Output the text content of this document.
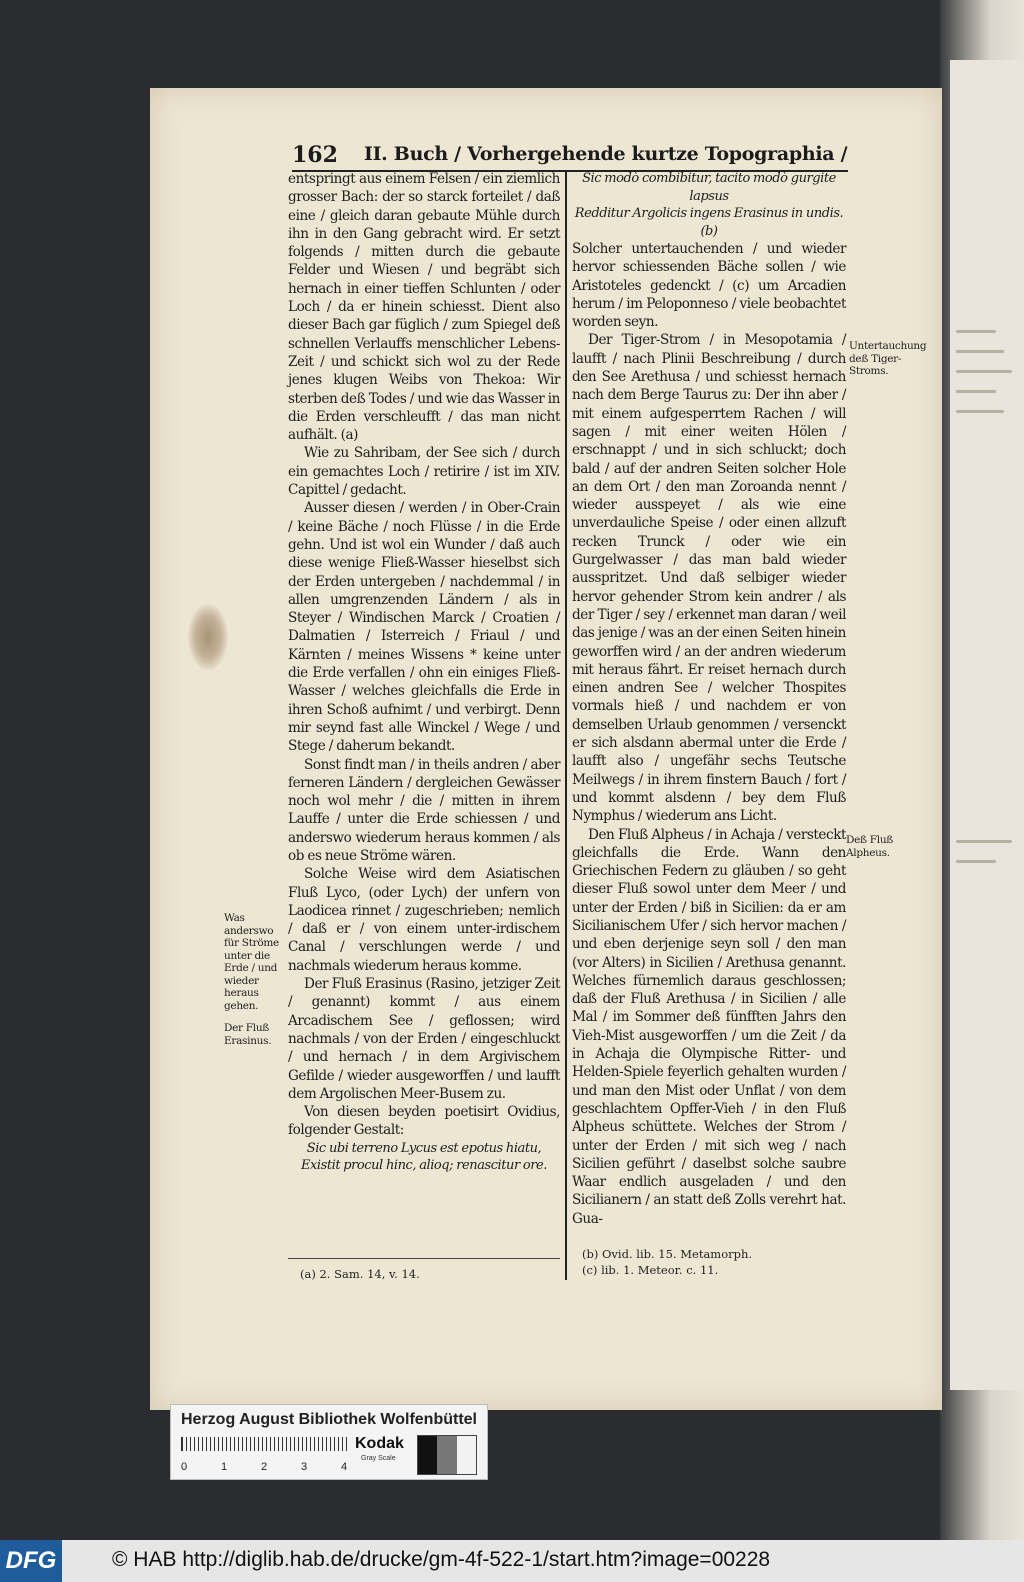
162 II. Buch / Vorhergehende kurtze Topographia /

entspringt aus einem Felsen / ein ziemlich grosser Bach: der so starck forteilet / daß eine / gleich daran gebaute Mühle durch ihn in den Gang gebracht wird. Er setzt folgends / mitten durch die gebaute Felder und Wiesen / und begräbt sich hernach in einer tieffen Schlunten / oder Loch / da er hinein schiesst. Dient also dieser Bach gar füglich / zum Spiegel deß schnellen Verlauffs menschlicher Lebens-Zeit / und schickt sich wol zu der Rede jenes klugen Weibs von Thekoa: Wir sterben deß Todes / und wie das Wasser in die Erden verschleufft / das man nicht aufhält. (a)

Wie zu Sahribam, der See sich / durch ein gemachtes Loch / retirire / ist im XIV. Capittel / gedacht.

Ausser diesen / werden / in Ober-Crain / keine Bäche / noch Flüsse / in die Erde gehn. Und ist wol ein Wunder / daß auch diese wenige Fließ-Wasser hieselbst sich der Erden untergeben / nachdemmal / in allen umgrenzenden Ländern / als in Steyer / Windischen Marck / Croatien / Dalmatien / Isterreich / Friaul / und Kärnten / meines Wissens * keine unter die Erde verfallen / ohn ein einiges Fließ-Wasser / welches gleichfalls die Erde in ihren Schoß aufnimt / und verbirgt. Denn mir seynd fast alle Winckel / Wege / und Stege / daherum bekandt.

Sonst findt man / in theils andren / aber ferneren Ländern / dergleichen Gewässer noch wol mehr / die / mitten in ihrem Lauffe / unter die Erde schiessen / und anderswo wiederum heraus kommen / als ob es neue Ströme wären.

Solche Weise wird dem Asiatischen Fluß Lyco, (oder Lych) der unfern von Laodicea rinnet / zugeschrieben; nemlich / daß er / von einem unter-irdischem Canal / verschlungen werde / und nachmals wiederum heraus komme.

Der Fluß Erasinus (Rasino, jetziger Zeit / genannt) kommt / aus einem Arcadischem See / geflossen; wird nachmals / von der Erden / eingeschluckt / und hernach / in dem Argivischem Gefilde / wieder ausgeworffen / und laufft dem Argolischen Meer-Busem zu.

Von diesen beyden poetisirt Ovidius, folgender Gestalt:

Sic ubi terreno Lycus est epotus hiatu,

Existit procul hinc, alioq; renascitur ore.

Sic modò combibitur, tacito modò gurgite lapsus

Redditur Argolicis ingens Erasinus in undis. (b)

Solcher untertauchenden / und wieder hervor schiessenden Bäche sollen / wie Aristoteles gedenckt / (c) um Arcadien herum / im Peloponneso / viele beobachtet worden seyn.

Der Tiger-Strom / in Mesopotamia / laufft / nach Plinii Beschreibung / durch den See Arethusa / und schiesst hernach nach dem Berge Taurus zu: Der ihn aber / mit einem aufgesperrtem Rachen / will sagen / mit einer weiten Hölen / erschnappt / und in sich schluckt; doch bald / auf der andren Seiten solcher Hole an dem Ort / den man Zoroanda nennt / wieder ausspeyet / als wie eine unverdauliche Speise / oder einen allzuft recken Trunck / oder wie ein Gurgelwasser / das man bald wieder ausspritzet. Und daß selbiger wieder hervor gehender Strom kein andrer / als der Tiger / sey / erkennet man daran / weil das jenige / was an der einen Seiten hinein geworffen wird / an der andren wiederum mit heraus fährt. Er reiset hernach durch einen andren See / welcher Thospites vormals hieß / und nachdem er von demselben Urlaub genommen / versenckt er sich alsdann abermal unter die Erde / laufft also / ungefähr sechs Teutsche Meilwegs / in ihrem finstern Bauch / fort / und kommt alsdenn / bey dem Fluß Nymphus / wiederum ans Licht.

Den Fluß Alpheus / in Achaja / versteckt gleichfalls die Erde. Wann den Griechischen Federn zu gläuben / so geht dieser Fluß sowol unter dem Meer / und unter der Erden / biß in Sicilien: da er am Sicilianischem Ufer / sich hervor machen / und eben derjenige seyn soll / den man (vor Alters) in Sicilien / Arethusa genannt. Welches fürnemlich daraus geschlossen; daß der Fluß Arethusa / in Sicilien / alle Mal / im Sommer deß fünfften Jahrs den Vieh-Mist ausgeworffen / um die Zeit / da in Achaja die Olympische Ritter- und Helden-Spiele feyerlich gehalten wurden / und man den Mist oder Unflat / von dem geschlachtem Opffer-Vieh / in den Fluß Alpheus schüttete. Welches der Strom / unter der Erden / mit sich weg / nach Sicilien geführt / daselbst solche saubre Waar endlich ausgeladen / und den Sicilianern / an statt deß Zolls verehrt hat. Gua-

(a) 2. Sam. 14, v. 14.
(b) Ovid. lib. 15. Metamorph.
(c) lib. 1. Meteor. c. 11.
Was anderswo für Ströme unter die Erde / und wieder heraus gehen.
Der Fluß Erasinus.
Untertauchung deß Tiger-Stroms.
Deß Fluß Alpheus.
Herzog August Bibliothek Wolfenbüttel
0	1	2	3	4
Kodak
Gray Scale
DFG	© HAB http://diglib.hab.de/drucke/gm-4f-522-1/start.htm?image=00228
